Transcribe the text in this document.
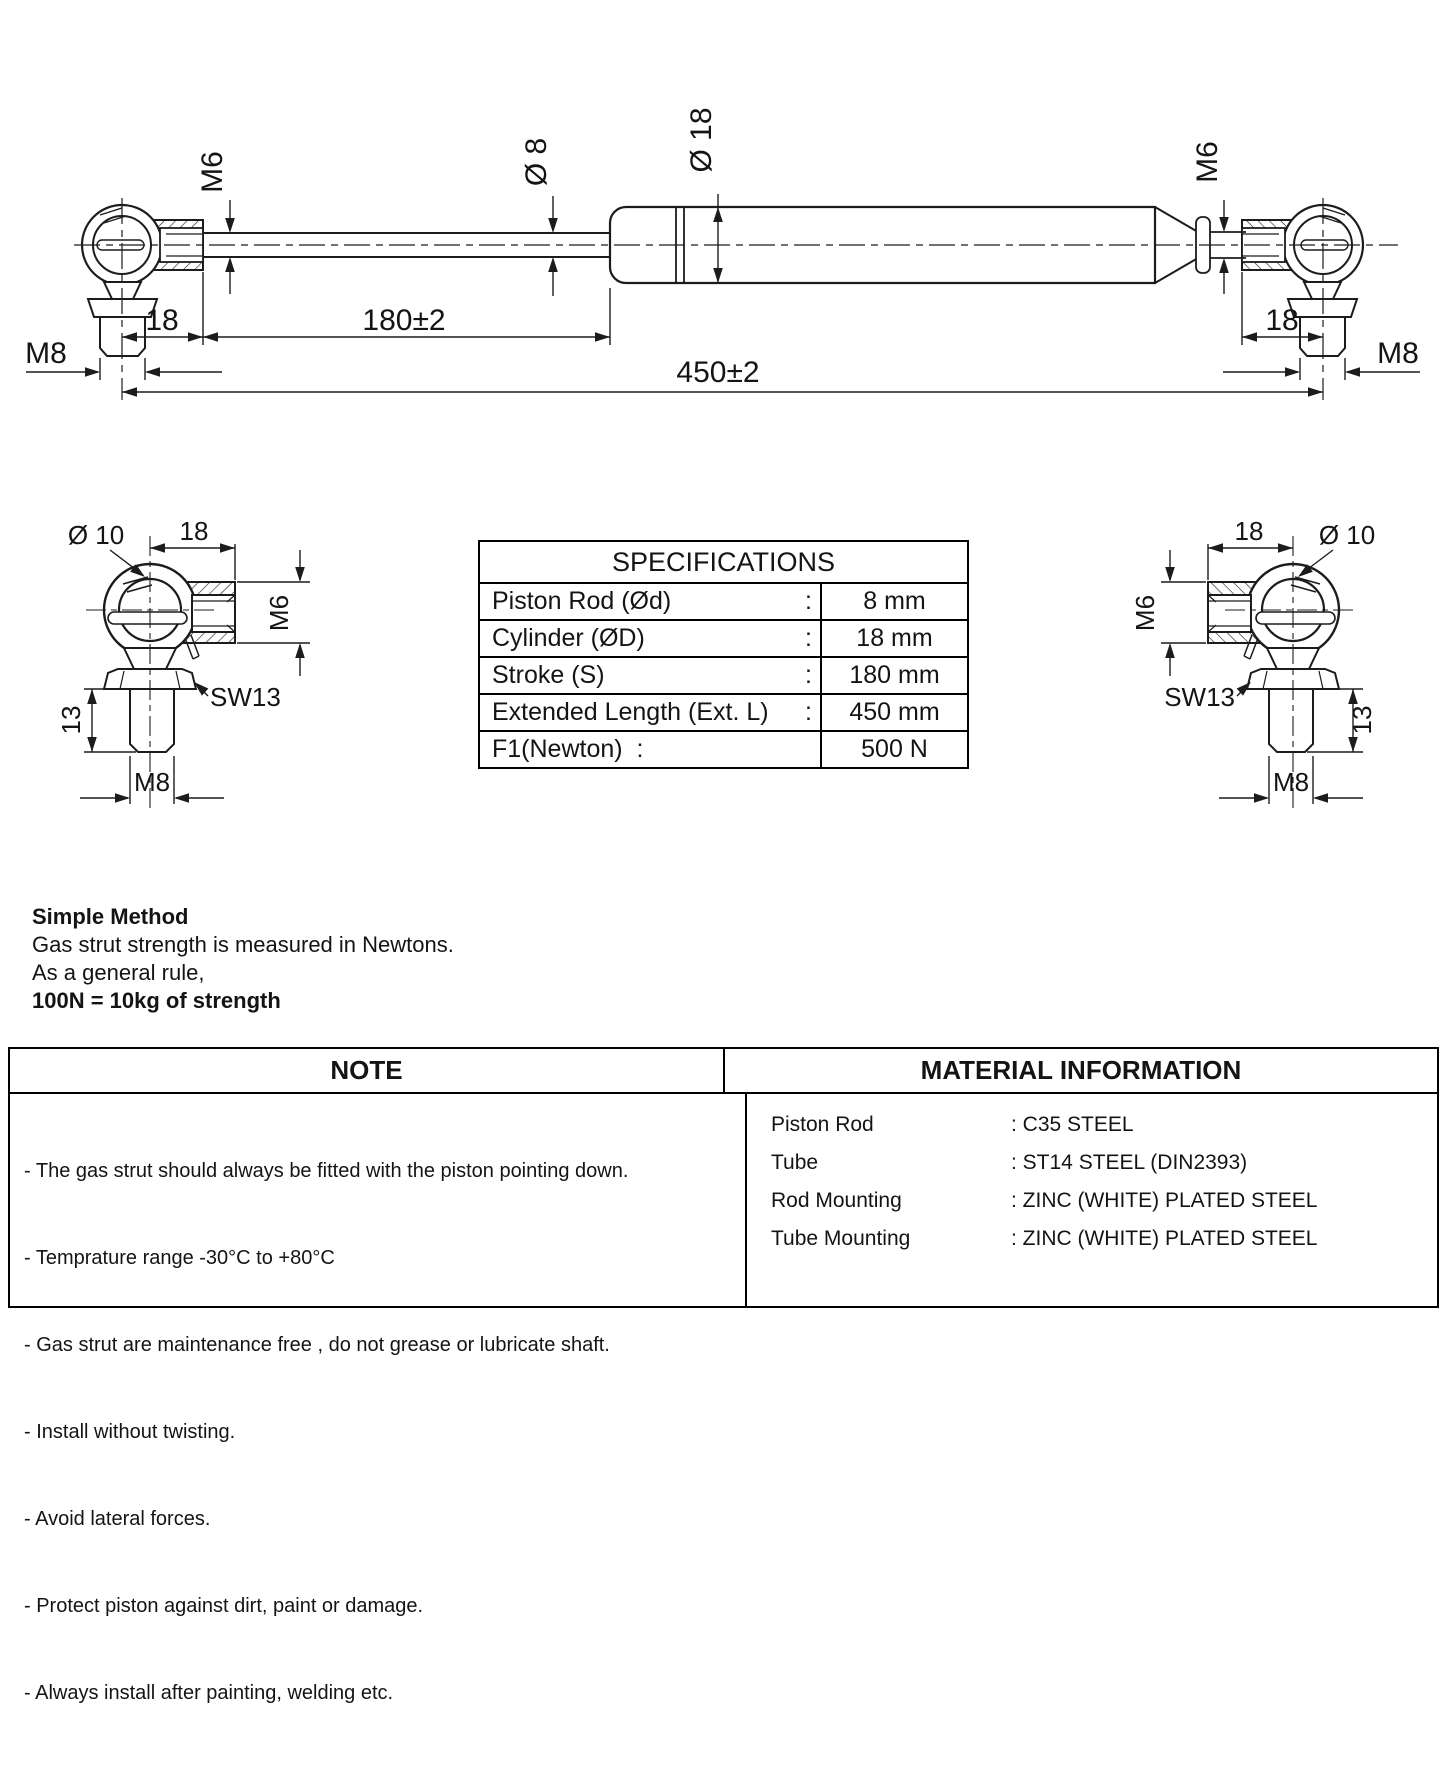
M6	Ø 8	Ø 18	M6
18	180±2
450±2
M8
18
M8
Ø 10 18
M6
SW13
13
M8
18 Ø 10
M6
SW13
13
M8
SPECIFICATIONS
Piston Rod (Ød)	:	8 mm
Cylinder (ØD)	:	18 mm
Stroke (S)	:	180 mm
Extended Length (Ext. L) :	450 mm
F1(Newton)  :	500 N
Simple Method
Gas strut strength is measured in Newtons.
As a general rule,
100N = 10kg of strength
NOTE	MATERIAL INFORMATION

- The gas strut should always be fitted with the piston pointing down.

- Temprature range -30°C to +80°C

- Gas strut are maintenance free , do not grease or lubricate shaft.

- Install without twisting.

- Avoid lateral forces.

- Protect piston against dirt, paint or damage.

- Always install after painting, welding etc.

Piston Rod	: C35 STEEL
Tube	: ST14 STEEL (DIN2393)
Rod Mounting	: ZINC (WHITE) PLATED STEEL
Tube Mounting	: ZINC (WHITE) PLATED STEEL
